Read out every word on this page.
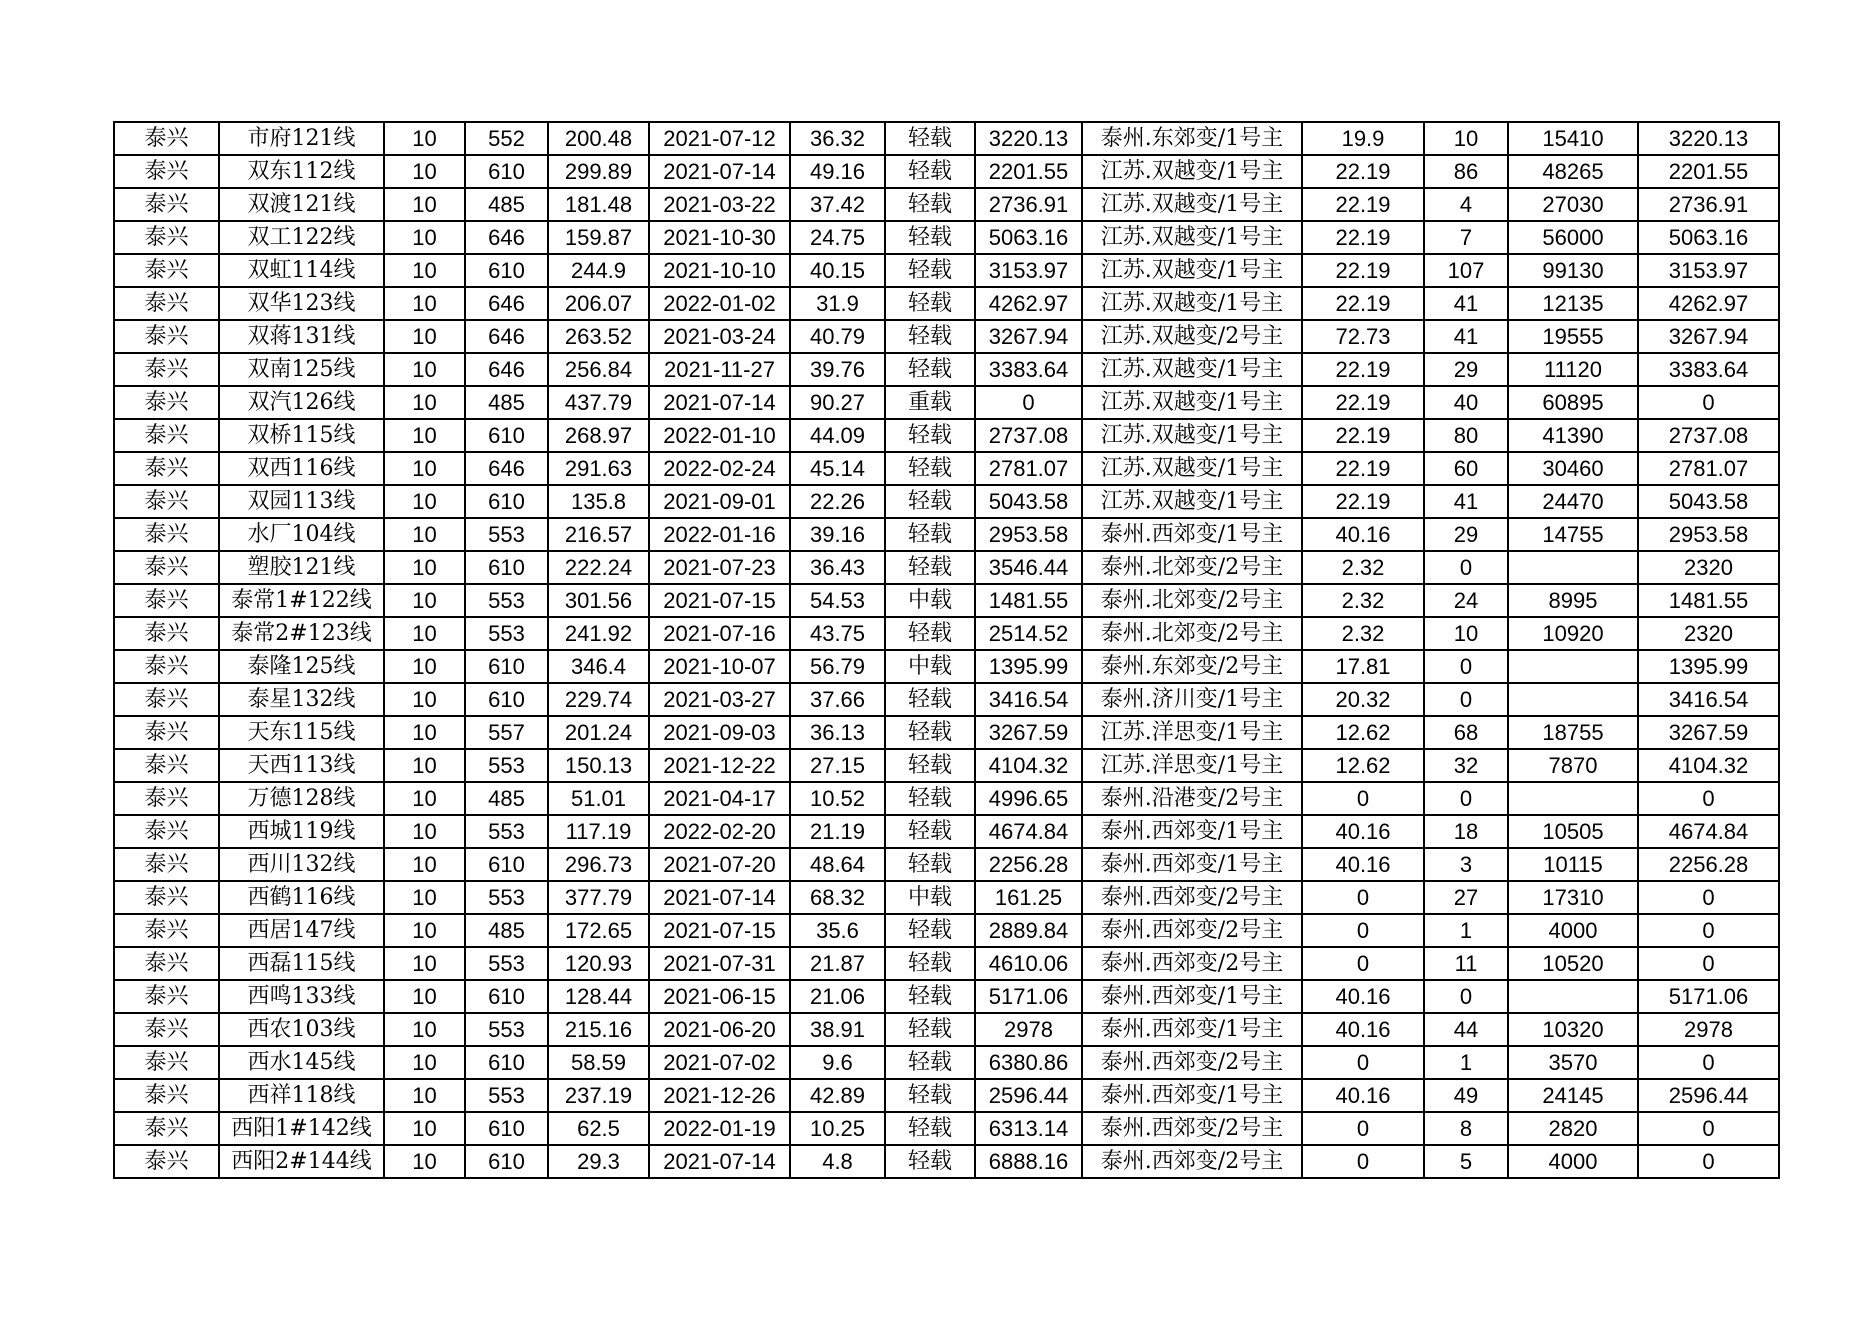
泰兴	市府121线	10	552	200.48	2021-07-12	36.32	轻载	3220.13	泰州.东郊变/1号主	19.9	10	15410	3220.13
泰兴	双东112线	10	610	299.89	2021-07-14	49.16	轻载	2201.55	江苏.双越变/1号主	22.19	86	48265	2201.55
泰兴	双渡121线	10	485	181.48	2021-03-22	37.42	轻载	2736.91	江苏.双越变/1号主	22.19	4	27030	2736.91
泰兴	双工122线	10	646	159.87	2021-10-30	24.75	轻载	5063.16	江苏.双越变/1号主	22.19	7	56000	5063.16
泰兴	双虹114线	10	610	244.9	2021-10-10	40.15	轻载	3153.97	江苏.双越变/1号主	22.19	107	99130	3153.97
泰兴	双华123线	10	646	206.07	2022-01-02	31.9	轻载	4262.97	江苏.双越变/1号主	22.19	41	12135	4262.97
泰兴	双蒋131线	10	646	263.52	2021-03-24	40.79	轻载	3267.94	江苏.双越变/2号主	72.73	41	19555	3267.94
泰兴	双南125线	10	646	256.84	2021-11-27	39.76	轻载	3383.64	江苏.双越变/1号主	22.19	29	11120	3383.64
泰兴	双汽126线	10	485	437.79	2021-07-14	90.27	重载	0	江苏.双越变/1号主	22.19	40	60895	0
泰兴	双桥115线	10	610	268.97	2022-01-10	44.09	轻载	2737.08	江苏.双越变/1号主	22.19	80	41390	2737.08
泰兴	双西116线	10	646	291.63	2022-02-24	45.14	轻载	2781.07	江苏.双越变/1号主	22.19	60	30460	2781.07
泰兴	双园113线	10	610	135.8	2021-09-01	22.26	轻载	5043.58	江苏.双越变/1号主	22.19	41	24470	5043.58
泰兴	水厂104线	10	553	216.57	2022-01-16	39.16	轻载	2953.58	泰州.西郊变/1号主	40.16	29	14755	2953.58
泰兴	塑胶121线	10	610	222.24	2021-07-23	36.43	轻载	3546.44	泰州.北郊变/2号主	2.32	0		2320
泰兴	泰常1#122线	10	553	301.56	2021-07-15	54.53	中载	1481.55	泰州.北郊变/2号主	2.32	24	8995	1481.55
泰兴	泰常2#123线	10	553	241.92	2021-07-16	43.75	轻载	2514.52	泰州.北郊变/2号主	2.32	10	10920	2320
泰兴	泰隆125线	10	610	346.4	2021-10-07	56.79	中载	1395.99	泰州.东郊变/2号主	17.81	0		1395.99
泰兴	泰星132线	10	610	229.74	2021-03-27	37.66	轻载	3416.54	泰州.济川变/1号主	20.32	0		3416.54
泰兴	天东115线	10	557	201.24	2021-09-03	36.13	轻载	3267.59	江苏.洋思变/1号主	12.62	68	18755	3267.59
泰兴	天西113线	10	553	150.13	2021-12-22	27.15	轻载	4104.32	江苏.洋思变/1号主	12.62	32	7870	4104.32
泰兴	万德128线	10	485	51.01	2021-04-17	10.52	轻载	4996.65	泰州.沿港变/2号主	0	0		0
泰兴	西城119线	10	553	117.19	2022-02-20	21.19	轻载	4674.84	泰州.西郊变/1号主	40.16	18	10505	4674.84
泰兴	西川132线	10	610	296.73	2021-07-20	48.64	轻载	2256.28	泰州.西郊变/1号主	40.16	3	10115	2256.28
泰兴	西鹤116线	10	553	377.79	2021-07-14	68.32	中载	161.25	泰州.西郊变/2号主	0	27	17310	0
泰兴	西居147线	10	485	172.65	2021-07-15	35.6	轻载	2889.84	泰州.西郊变/2号主	0	1	4000	0
泰兴	西磊115线	10	553	120.93	2021-07-31	21.87	轻载	4610.06	泰州.西郊变/2号主	0	11	10520	0
泰兴	西鸣133线	10	610	128.44	2021-06-15	21.06	轻载	5171.06	泰州.西郊变/1号主	40.16	0		5171.06
泰兴	西农103线	10	553	215.16	2021-06-20	38.91	轻载	2978	泰州.西郊变/1号主	40.16	44	10320	2978
泰兴	西水145线	10	610	58.59	2021-07-02	9.6	轻载	6380.86	泰州.西郊变/2号主	0	1	3570	0
泰兴	西祥118线	10	553	237.19	2021-12-26	42.89	轻载	2596.44	泰州.西郊变/1号主	40.16	49	24145	2596.44
泰兴	西阳1#142线	10	610	62.5	2022-01-19	10.25	轻载	6313.14	泰州.西郊变/2号主	0	8	2820	0
泰兴	西阳2#144线	10	610	29.3	2021-07-14	4.8	轻载	6888.16	泰州.西郊变/2号主	0	5	4000	0
